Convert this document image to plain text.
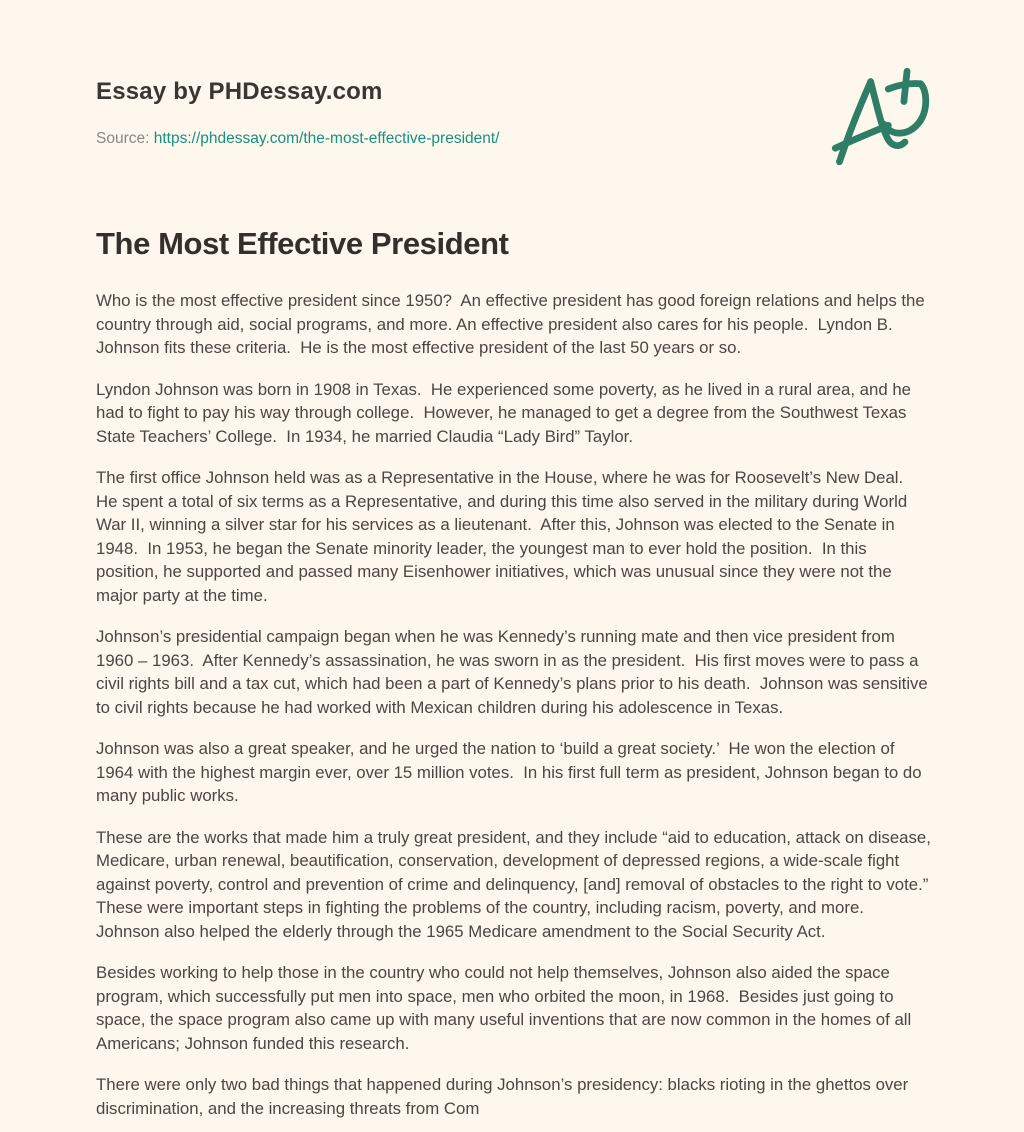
Essay by PHDessay.com
Source: https://phdessay.com/the-most-effective-president/
The Most Effective President

Who is the most effective president since 1950?  An effective president has good foreign relations and helps the country through aid, social programs, and more. An effective president also cares for his people.  Lyndon B. Johnson fits these criteria.  He is the most effective president of the last 50 years or so.

Lyndon Johnson was born in 1908 in Texas.  He experienced some poverty, as he lived in a rural area, and he had to fight to pay his way through college.  However, he managed to get a degree from the Southwest Texas State Teachers’ College.  In 1934, he married Claudia “Lady Bird” Taylor.

The first office Johnson held was as a Representative in the House, where he was for Roosevelt’s New Deal.  He spent a total of six terms as a Representative, and during this time also served in the military during World War II, winning a silver star for his services as a lieutenant.  After this, Johnson was elected to the Senate in 1948.  In 1953, he began the Senate minority leader, the youngest man to ever hold the position.  In this position, he supported and passed many Eisenhower initiatives, which was unusual since they were not the major party at the time.

Johnson’s presidential campaign began when he was Kennedy’s running mate and then vice president from 1960 – 1963.  After Kennedy’s assassination, he was sworn in as the president.  His first moves were to pass a civil rights bill and a tax cut, which had been a part of Kennedy’s plans prior to his death.  Johnson was sensitive to civil rights because he had worked with Mexican children during his adolescence in Texas.

Johnson was also a great speaker, and he urged the nation to ‘build a great society.’  He won the election of 1964 with the highest margin ever, over 15 million votes.  In his first full term as president, Johnson began to do many public works.

These are the works that made him a truly great president, and they include “aid to education, attack on disease, Medicare, urban renewal, beautification, conservation, development of depressed regions, a wide-scale fight against poverty, control and prevention of crime and delinquency, [and] removal of obstacles to the right to vote.”  These were important steps in fighting the problems of the country, including racism, poverty, and more. Johnson also helped the elderly through the 1965 Medicare amendment to the Social Security Act.

Besides working to help those in the country who could not help themselves, Johnson also aided the space program, which successfully put men into space, men who orbited the moon, in 1968.  Besides just going to space, the space program also came up with many useful inventions that are now common in the homes of all Americans; Johnson funded this research.

There were only two bad things that happened during Johnson’s presidency: blacks rioting in the ghettos over discrimination, and the increasing threats from Com
